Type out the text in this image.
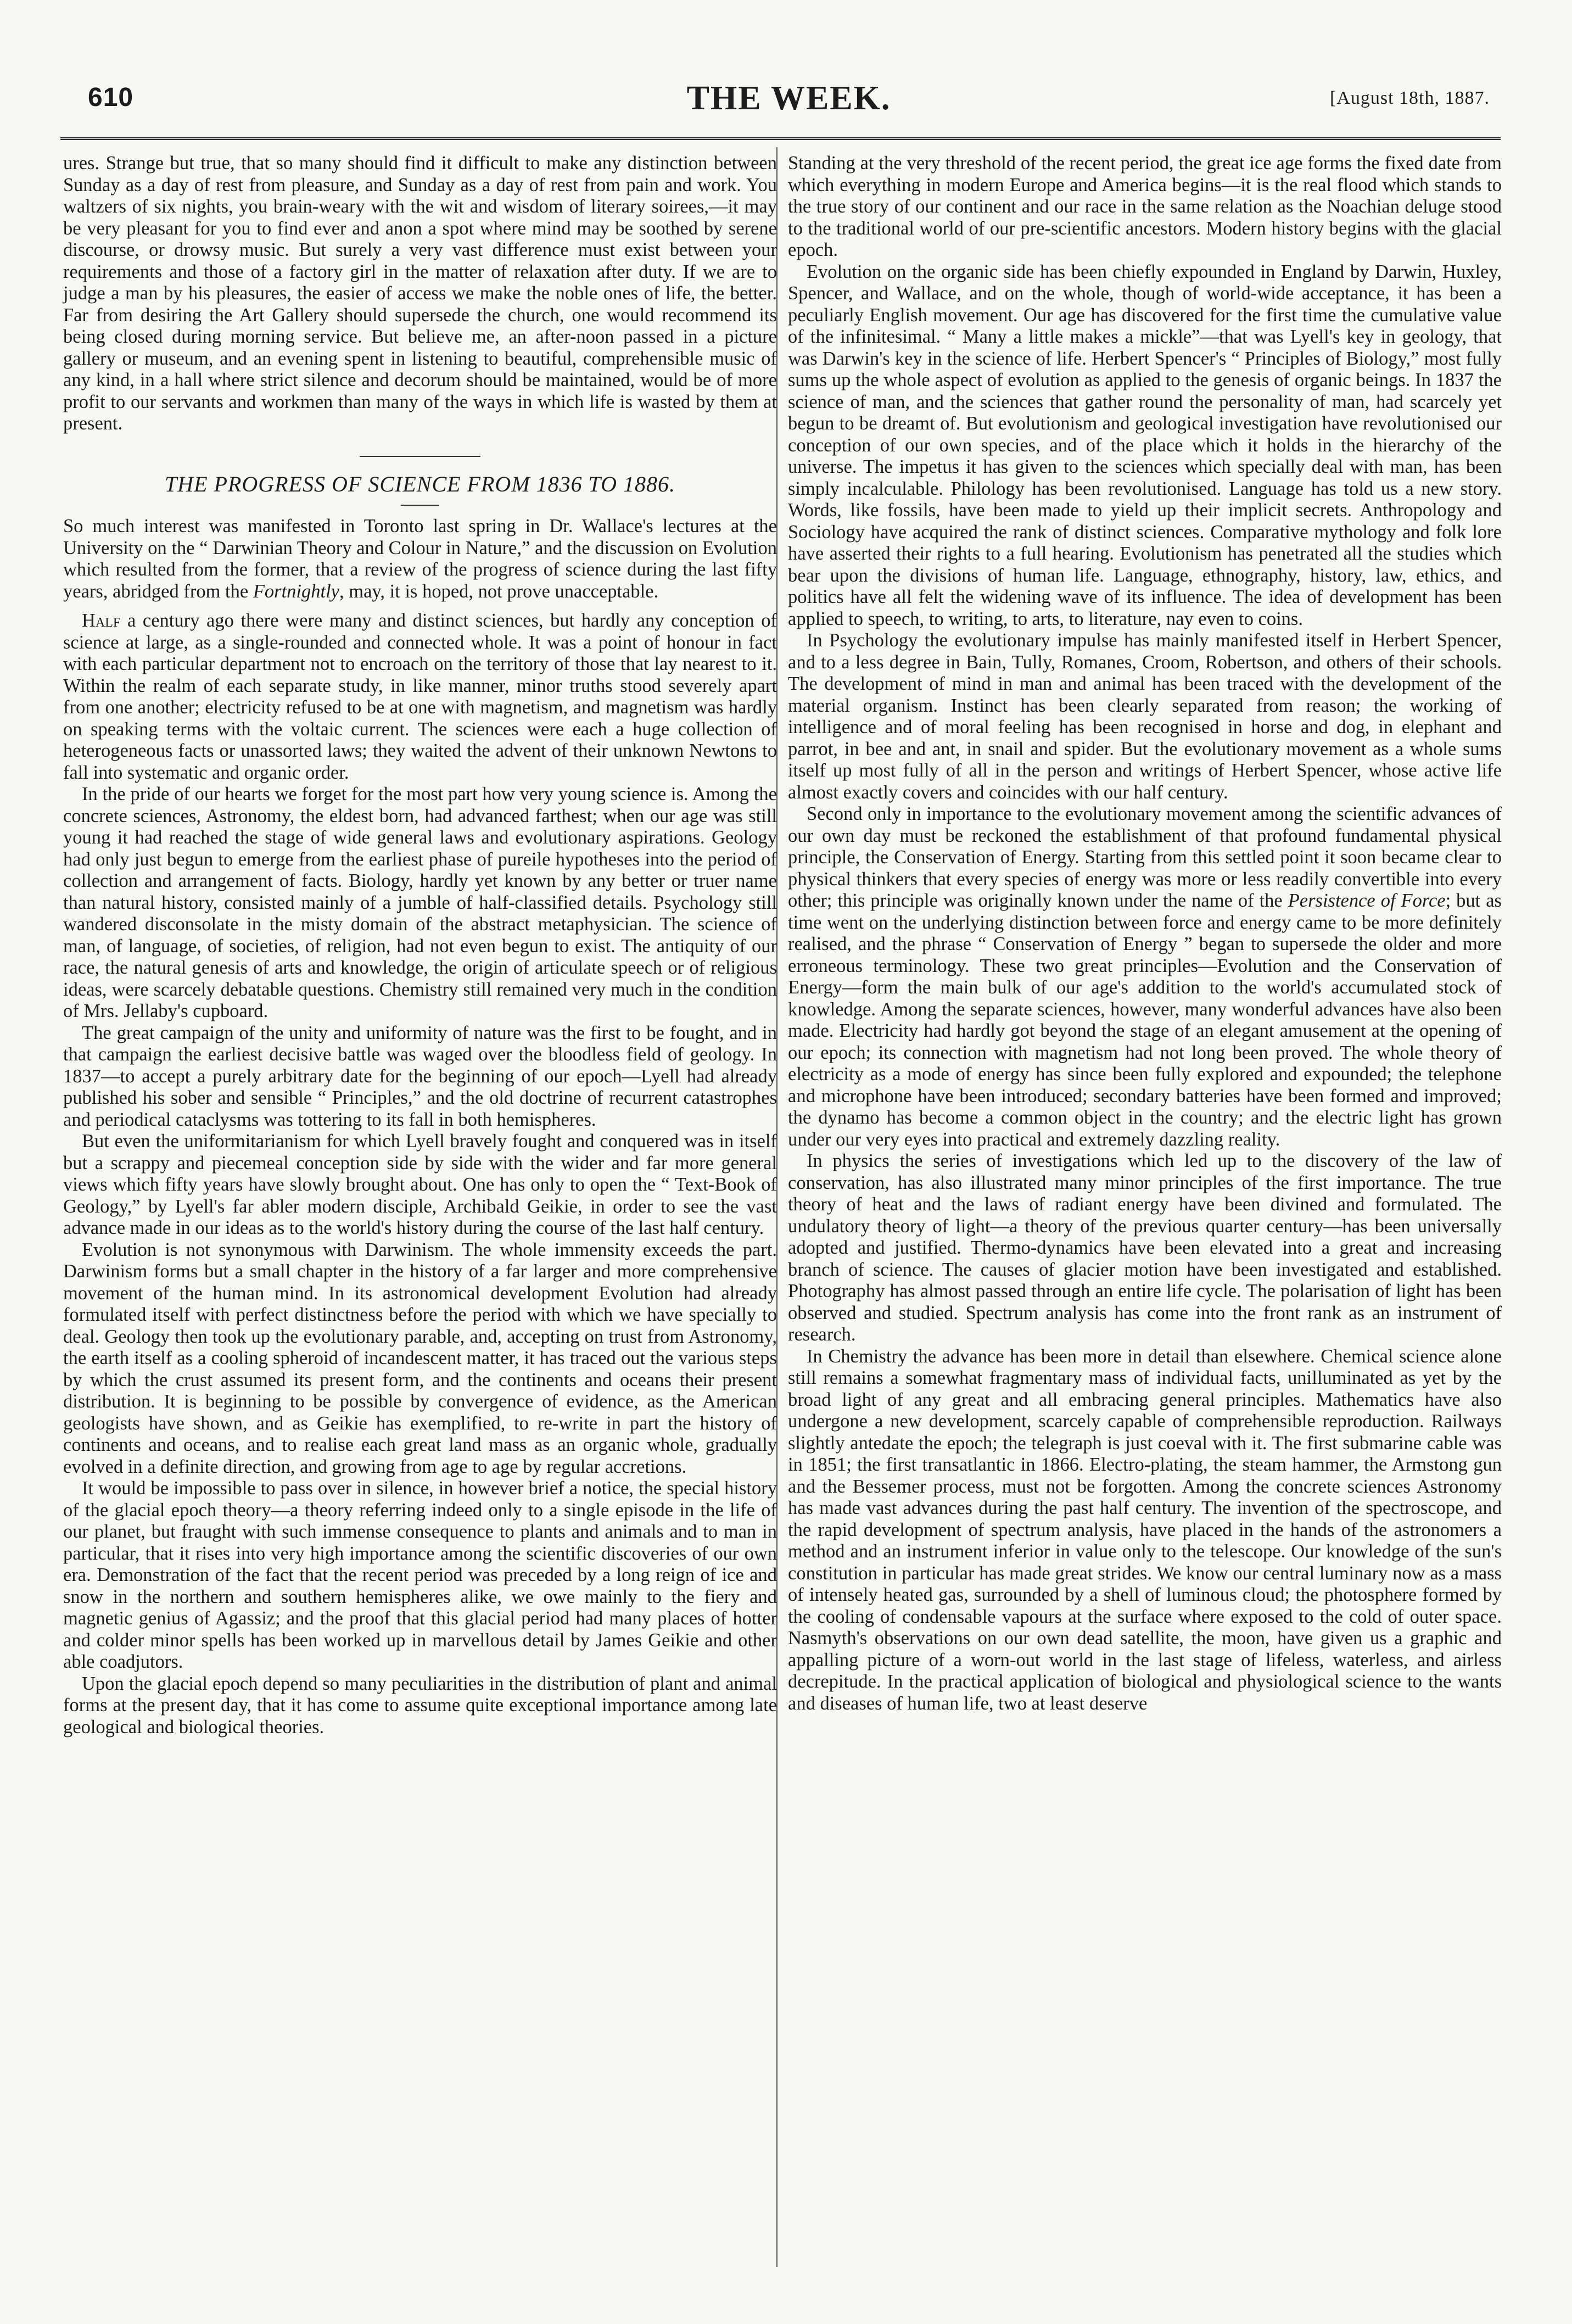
610	THE WEEK.	[August 18th, 1887.

ures. Strange but true, that so many should find it difficult to make any distinction between Sunday as a day of rest from pleasure, and Sunday as a day of rest from pain and work. You waltzers of six nights, you brain-weary with the wit and wisdom of literary soirees,—it may be very pleasant for you to find ever and anon a spot where mind may be soothed by serene discourse, or drowsy music. But surely a very vast difference must exist between your requirements and those of a factory girl in the matter of relaxation after duty. If we are to judge a man by his pleasures, the easier of access we make the noble ones of life, the better. Far from desiring the Art Gallery should supersede the church, one would recommend its being closed during morning service. But believe me, an after-noon passed in a picture gallery or museum, and an evening spent in listening to beautiful, comprehensible music of any kind, in a hall where strict silence and decorum should be maintained, would be of more profit to our servants and workmen than many of the ways in which life is wasted by them at present.

THE PROGRESS OF SCIENCE FROM 1836 TO 1886.

So much interest was manifested in Toronto last spring in Dr. Wallace's lectures at the University on the “ Darwinian Theory and Colour in Nature,” and the discussion on Evolution which resulted from the former, that a review of the progress of science during the last fifty years, abridged from the Fortnightly, may, it is hoped, not prove unacceptable.

Half a century ago there were many and distinct sciences, but hardly any conception of science at large, as a single-rounded and connected whole. It was a point of honour in fact with each particular department not to encroach on the territory of those that lay nearest to it. Within the realm of each separate study, in like manner, minor truths stood severely apart from one another; electricity refused to be at one with magnetism, and magnetism was hardly on speaking terms with the voltaic current. The sciences were each a huge collection of heterogeneous facts or unassorted laws; they waited the advent of their unknown Newtons to fall into systematic and organic order.

In the pride of our hearts we forget for the most part how very young science is. Among the concrete sciences, Astronomy, the eldest born, had advanced farthest; when our age was still young it had reached the stage of wide general laws and evolutionary aspirations. Geology had only just begun to emerge from the earliest phase of pureile hypotheses into the period of collection and arrangement of facts. Biology, hardly yet known by any better or truer name than natural history, consisted mainly of a jumble of half-classified details. Psychology still wandered disconsolate in the misty domain of the abstract metaphysician. The science of man, of language, of societies, of religion, had not even begun to exist. The antiquity of our race, the natural genesis of arts and knowledge, the origin of articulate speech or of religious ideas, were scarcely debatable questions. Chemistry still remained very much in the condition of Mrs. Jellaby's cupboard.

The great campaign of the unity and uniformity of nature was the first to be fought, and in that campaign the earliest decisive battle was waged over the bloodless field of geology. In 1837—to accept a purely arbitrary date for the beginning of our epoch—Lyell had already published his sober and sensible “ Principles,” and the old doctrine of recurrent catastrophes and periodical cataclysms was tottering to its fall in both hemispheres.

But even the uniformitarianism for which Lyell bravely fought and conquered was in itself but a scrappy and piecemeal conception side by side with the wider and far more general views which fifty years have slowly brought about. One has only to open the “ Text-Book of Geology,” by Lyell's far abler modern disciple, Archibald Geikie, in order to see the vast advance made in our ideas as to the world's history during the course of the last half century.

Evolution is not synonymous with Darwinism. The whole immensity exceeds the part. Darwinism forms but a small chapter in the history of a far larger and more comprehensive movement of the human mind. In its astronomical development Evolution had already formulated itself with perfect distinctness before the period with which we have specially to deal. Geology then took up the evolutionary parable, and, accepting on trust from Astronomy, the earth itself as a cooling spheroid of incandescent matter, it has traced out the various steps by which the crust assumed its present form, and the continents and oceans their present distribution. It is beginning to be possible by convergence of evidence, as the American geologists have shown, and as Geikie has exemplified, to re-write in part the history of continents and oceans, and to realise each great land mass as an organic whole, gradually evolved in a definite direction, and growing from age to age by regular accretions.

It would be impossible to pass over in silence, in however brief a notice, the special history of the glacial epoch theory—a theory referring indeed only to a single episode in the life of our planet, but fraught with such immense consequence to plants and animals and to man in particular, that it rises into very high importance among the scientific discoveries of our own era. Demonstration of the fact that the recent period was preceded by a long reign of ice and snow in the northern and southern hemispheres alike, we owe mainly to the fiery and magnetic genius of Agassiz; and the proof that this glacial period had many places of hotter and colder minor spells has been worked up in marvellous detail by James Geikie and other able coadjutors.

Upon the glacial epoch depend so many peculiarities in the distribution of plant and animal forms at the present day, that it has come to assume quite exceptional importance among late geological and biological theories.

Standing at the very threshold of the recent period, the great ice age forms the fixed date from which everything in modern Europe and America begins—it is the real flood which stands to the true story of our continent and our race in the same relation as the Noachian deluge stood to the traditional world of our pre-scientific ancestors. Modern history begins with the glacial epoch.

Evolution on the organic side has been chiefly expounded in England by Darwin, Huxley, Spencer, and Wallace, and on the whole, though of world-wide acceptance, it has been a peculiarly English movement. Our age has discovered for the first time the cumulative value of the infinitesimal. “ Many a little makes a mickle”—that was Lyell's key in geology, that was Darwin's key in the science of life. Herbert Spencer's “ Principles of Biology,” most fully sums up the whole aspect of evolution as applied to the genesis of organic beings. In 1837 the science of man, and the sciences that gather round the personality of man, had scarcely yet begun to be dreamt of. But evolutionism and geological investigation have revolutionised our conception of our own species, and of the place which it holds in the hierarchy of the universe. The impetus it has given to the sciences which specially deal with man, has been simply incalculable. Philology has been revolutionised. Language has told us a new story. Words, like fossils, have been made to yield up their implicit secrets. Anthropology and Sociology have acquired the rank of distinct sciences. Comparative mythology and folk lore have asserted their rights to a full hearing. Evolutionism has penetrated all the studies which bear upon the divisions of human life. Language, ethnography, history, law, ethics, and politics have all felt the widening wave of its influence. The idea of development has been applied to speech, to writing, to arts, to literature, nay even to coins.

In Psychology the evolutionary impulse has mainly manifested itself in Herbert Spencer, and to a less degree in Bain, Tully, Romanes, Croom, Robertson, and others of their schools. The development of mind in man and animal has been traced with the development of the material organism. Instinct has been clearly separated from reason; the working of intelligence and of moral feeling has been recognised in horse and dog, in elephant and parrot, in bee and ant, in snail and spider. But the evolutionary movement as a whole sums itself up most fully of all in the person and writings of Herbert Spencer, whose active life almost exactly covers and coincides with our half century.

Second only in importance to the evolutionary movement among the scientific advances of our own day must be reckoned the establishment of that profound fundamental physical principle, the Conservation of Energy. Starting from this settled point it soon became clear to physical thinkers that every species of energy was more or less readily convertible into every other; this principle was originally known under the name of the Persistence of Force; but as time went on the underlying distinction between force and energy came to be more definitely realised, and the phrase “ Conservation of Energy ” began to supersede the older and more erroneous terminology. These two great principles—Evolution and the Conservation of Energy—form the main bulk of our age's addition to the world's accumulated stock of knowledge. Among the separate sciences, however, many wonderful advances have also been made. Electricity had hardly got beyond the stage of an elegant amusement at the opening of our epoch; its connection with magnetism had not long been proved. The whole theory of electricity as a mode of energy has since been fully explored and expounded; the telephone and microphone have been introduced; secondary batteries have been formed and improved; the dynamo has become a common object in the country; and the electric light has grown under our very eyes into practical and extremely dazzling reality.

In physics the series of investigations which led up to the discovery of the law of conservation, has also illustrated many minor principles of the first importance. The true theory of heat and the laws of radiant energy have been divined and formulated. The undulatory theory of light—a theory of the previous quarter century—has been universally adopted and justified. Thermo-dynamics have been elevated into a great and increasing branch of science. The causes of glacier motion have been investigated and established. Photography has almost passed through an entire life cycle. The polarisation of light has been observed and studied. Spectrum analysis has come into the front rank as an instrument of research.

In Chemistry the advance has been more in detail than elsewhere. Chemical science alone still remains a somewhat fragmentary mass of individual facts, unilluminated as yet by the broad light of any great and all embracing general principles. Mathematics have also undergone a new development, scarcely capable of comprehensible reproduction. Railways slightly antedate the epoch; the telegraph is just coeval with it. The first submarine cable was in 1851; the first transatlantic in 1866. Electro-plating, the steam hammer, the Armstong gun and the Bessemer process, must not be forgotten. Among the concrete sciences Astronomy has made vast advances during the past half century. The invention of the spectroscope, and the rapid development of spectrum analysis, have placed in the hands of the astronomers a method and an instrument inferior in value only to the telescope. Our knowledge of the sun's constitution in particular has made great strides. We know our central luminary now as a mass of intensely heated gas, surrounded by a shell of luminous cloud; the photosphere formed by the cooling of condensable vapours at the surface where exposed to the cold of outer space. Nasmyth's observations on our own dead satellite, the moon, have given us a graphic and appalling picture of a worn-out world in the last stage of lifeless, waterless, and airless decrepitude. In the practical application of biological and physiological science to the wants and diseases of human life, two at least deserve
